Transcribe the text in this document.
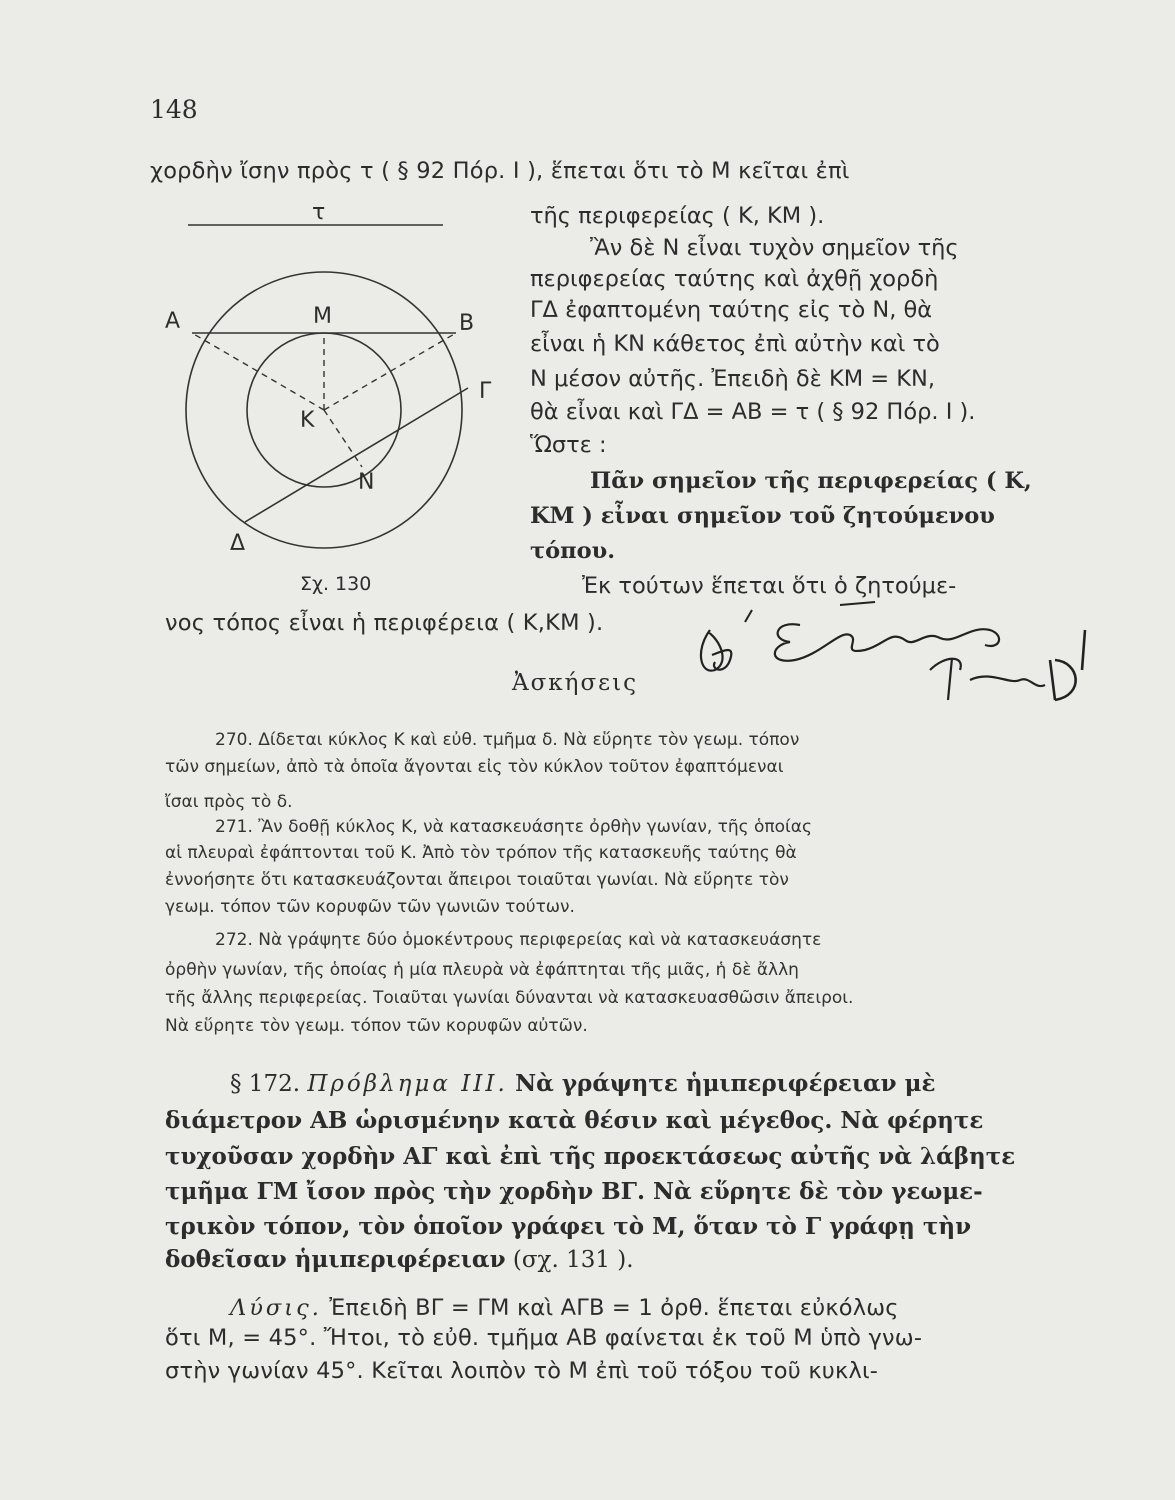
148
χορδὴν ἴσην πρὸς τ ( § 92 Πόρ. Ι ), ἕπεται ὅτι τὸ Μ κεῖται ἐπὶ
τ
Α	Μ	Β
Γ
Κ
Ν
Δ
Σχ. 130
τῆς περιφερείας ( Κ, ΚΜ ).
Ἂν δὲ Ν εἶναι τυχὸν σημεῖον τῆς
περιφερείας ταύτης καὶ ἀχθῇ χορδὴ
ΓΔ ἐφαπτομένη ταύτης εἰς τὸ Ν, θὰ
εἶναι ἡ ΚΝ κάθετος ἐπὶ αὐτὴν καὶ τὸ
Ν μέσον αὐτῆς. Ἐπειδὴ δὲ ΚΜ = ΚΝ,
θὰ εἶναι καὶ ΓΔ = ΑΒ = τ ( § 92 Πόρ. Ι ).
Ὥστε :
Πᾶν σημεῖον τῆς περιφερείας ( Κ,
ΚΜ ) εἶναι σημεῖον τοῦ ζητούμενου
τόπου.
Ἐκ τούτων ἕπεται ὅτι ὁ ζητούμε-
νος τόπος εἶναι ἡ περιφέρεια ( Κ,ΚΜ ).
Ἀσκήσεις
270. Δίδεται κύκλος Κ καὶ εὐθ. τμῆμα δ. Νὰ εὕρητε τὸν γεωμ. τόπον
τῶν σημείων, ἀπὸ τὰ ὁποῖα ἄγονται εἰς τὸν κύκλον τοῦτον ἐφαπτόμεναι
ἴσαι πρὸς τὸ δ.
271. Ἂν δοθῇ κύκλος Κ, νὰ κατασκευάσητε ὀρθὴν γωνίαν, τῆς ὁποίας
αἱ πλευραὶ ἐφάπτονται τοῦ Κ. Ἀπὸ τὸν τρόπον τῆς κατασκευῆς ταύτης θὰ
ἐννοήσητε ὅτι κατασκευάζονται ἄπειροι τοιαῦται γωνίαι. Νὰ εὕρητε τὸν
γεωμ. τόπον τῶν κορυφῶν τῶν γωνιῶν τούτων.
272. Νὰ γράψητε δύο ὁμοκέντρους περιφερείας καὶ νὰ κατασκευάσητε
ὀρθὴν γωνίαν, τῆς ὁποίας ἡ μία πλευρὰ νὰ ἐφάπτηται τῆς μιᾶς, ἡ δὲ ἄλλη
τῆς ἄλλης περιφερείας. Τοιαῦται γωνίαι δύνανται νὰ κατασκευασθῶσιν ἄπειροι.
Νὰ εὕρητε τὸν γεωμ. τόπον τῶν κορυφῶν αὐτῶν.
§ 172. Πρόβλημα ΙΙΙ. Νὰ γράψητε ἡμιπεριφέρειαν μὲ
διάμετρον ΑΒ ὡρισμένην κατὰ θέσιν καὶ μέγεθος. Νὰ φέρητε
τυχοῦσαν χορδὴν ΑΓ καὶ ἐπὶ τῆς προεκτάσεως αὐτῆς νὰ λάβητε
τμῆμα ΓΜ ἴσον πρὸς τὴν χορδὴν ΒΓ. Νὰ εὕρητε δὲ τὸν γεωμε-
τρικὸν τόπον, τὸν ὁποῖον γράφει τὸ Μ, ὅταν τὸ Γ γράφῃ τὴν
δοθεῖσαν ἡμιπεριφέρειαν (σχ. 131 ).
Λύσις. Ἐπειδὴ ΒΓ = ΓΜ καὶ ΑΓΒ = 1 ὀρθ. ἕπεται εὐκόλως
ὅτι Μ, = 45°. Ἤτοι, τὸ εὐθ. τμῆμα ΑΒ φαίνεται ἐκ τοῦ Μ ὑπὸ γνω-
στὴν γωνίαν 45°. Κεῖται λοιπὸν τὸ Μ ἐπὶ τοῦ τόξου τοῦ κυκλι-
